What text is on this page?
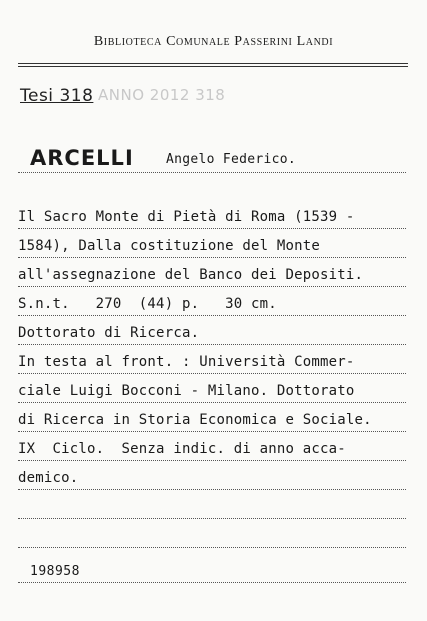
Biblioteca Comunale Passerini Landi
Tesi 318 ANNO 2012 318
ARCELLI Angelo Federico.
Il Sacro Monte di Pietà di Roma (1539 -
1584), Dalla costituzione del Monte
all'assegnazione del Banco dei Depositi.
S.n.t.   270  (44) p.   30 cm.
Dottorato di Ricerca.
In testa al front. : Università Commer-
ciale Luigi Bocconi - Milano. Dottorato
di Ricerca in Storia Economica e Sociale.
IX  Ciclo.  Senza indic. di anno acca-
demico.
198958
